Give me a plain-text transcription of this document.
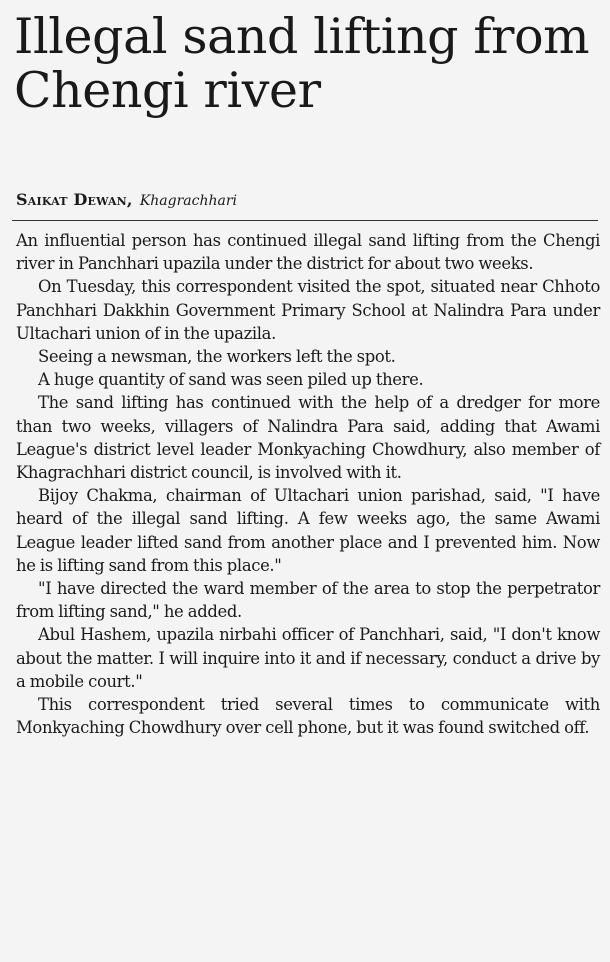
Illegal sand lifting from Chengi river
Saikat Dewan, Khagrachhari

An influential person has continued illegal sand lifting from the Chengi river in Panchhari upazila under the district for about two weeks.

On Tuesday, this correspondent visited the spot, situated near Chhoto Panchhari Dakkhin Government Primary School at Nalindra Para under Ultachari union of in the upazila.

Seeing a newsman, the workers left the spot.

A huge quantity of sand was seen piled up there.

The sand lifting has continued with the help of a dredger for more than two weeks, villagers of Nalindra Para said, adding that Awami League's district level leader Monkyaching Chowdhury, also member of Khagrachhari district council, is involved with it.

Bijoy Chakma, chairman of Ultachari union parishad, said, "I have heard of the illegal sand lifting. A few weeks ago, the same Awami League leader lifted sand from another place and I prevented him. Now he is lifting sand from this place."

"I have directed the ward member of the area to stop the perpetrator from lifting sand," he added.

Abul Hashem, upazila nirbahi officer of Panchhari, said, "I don't know about the matter. I will inquire into it and if necessary, conduct a drive by a mobile court."

This correspondent tried several times to communicate with Monkyaching Chowdhury over cell phone, but it was found switched off.
